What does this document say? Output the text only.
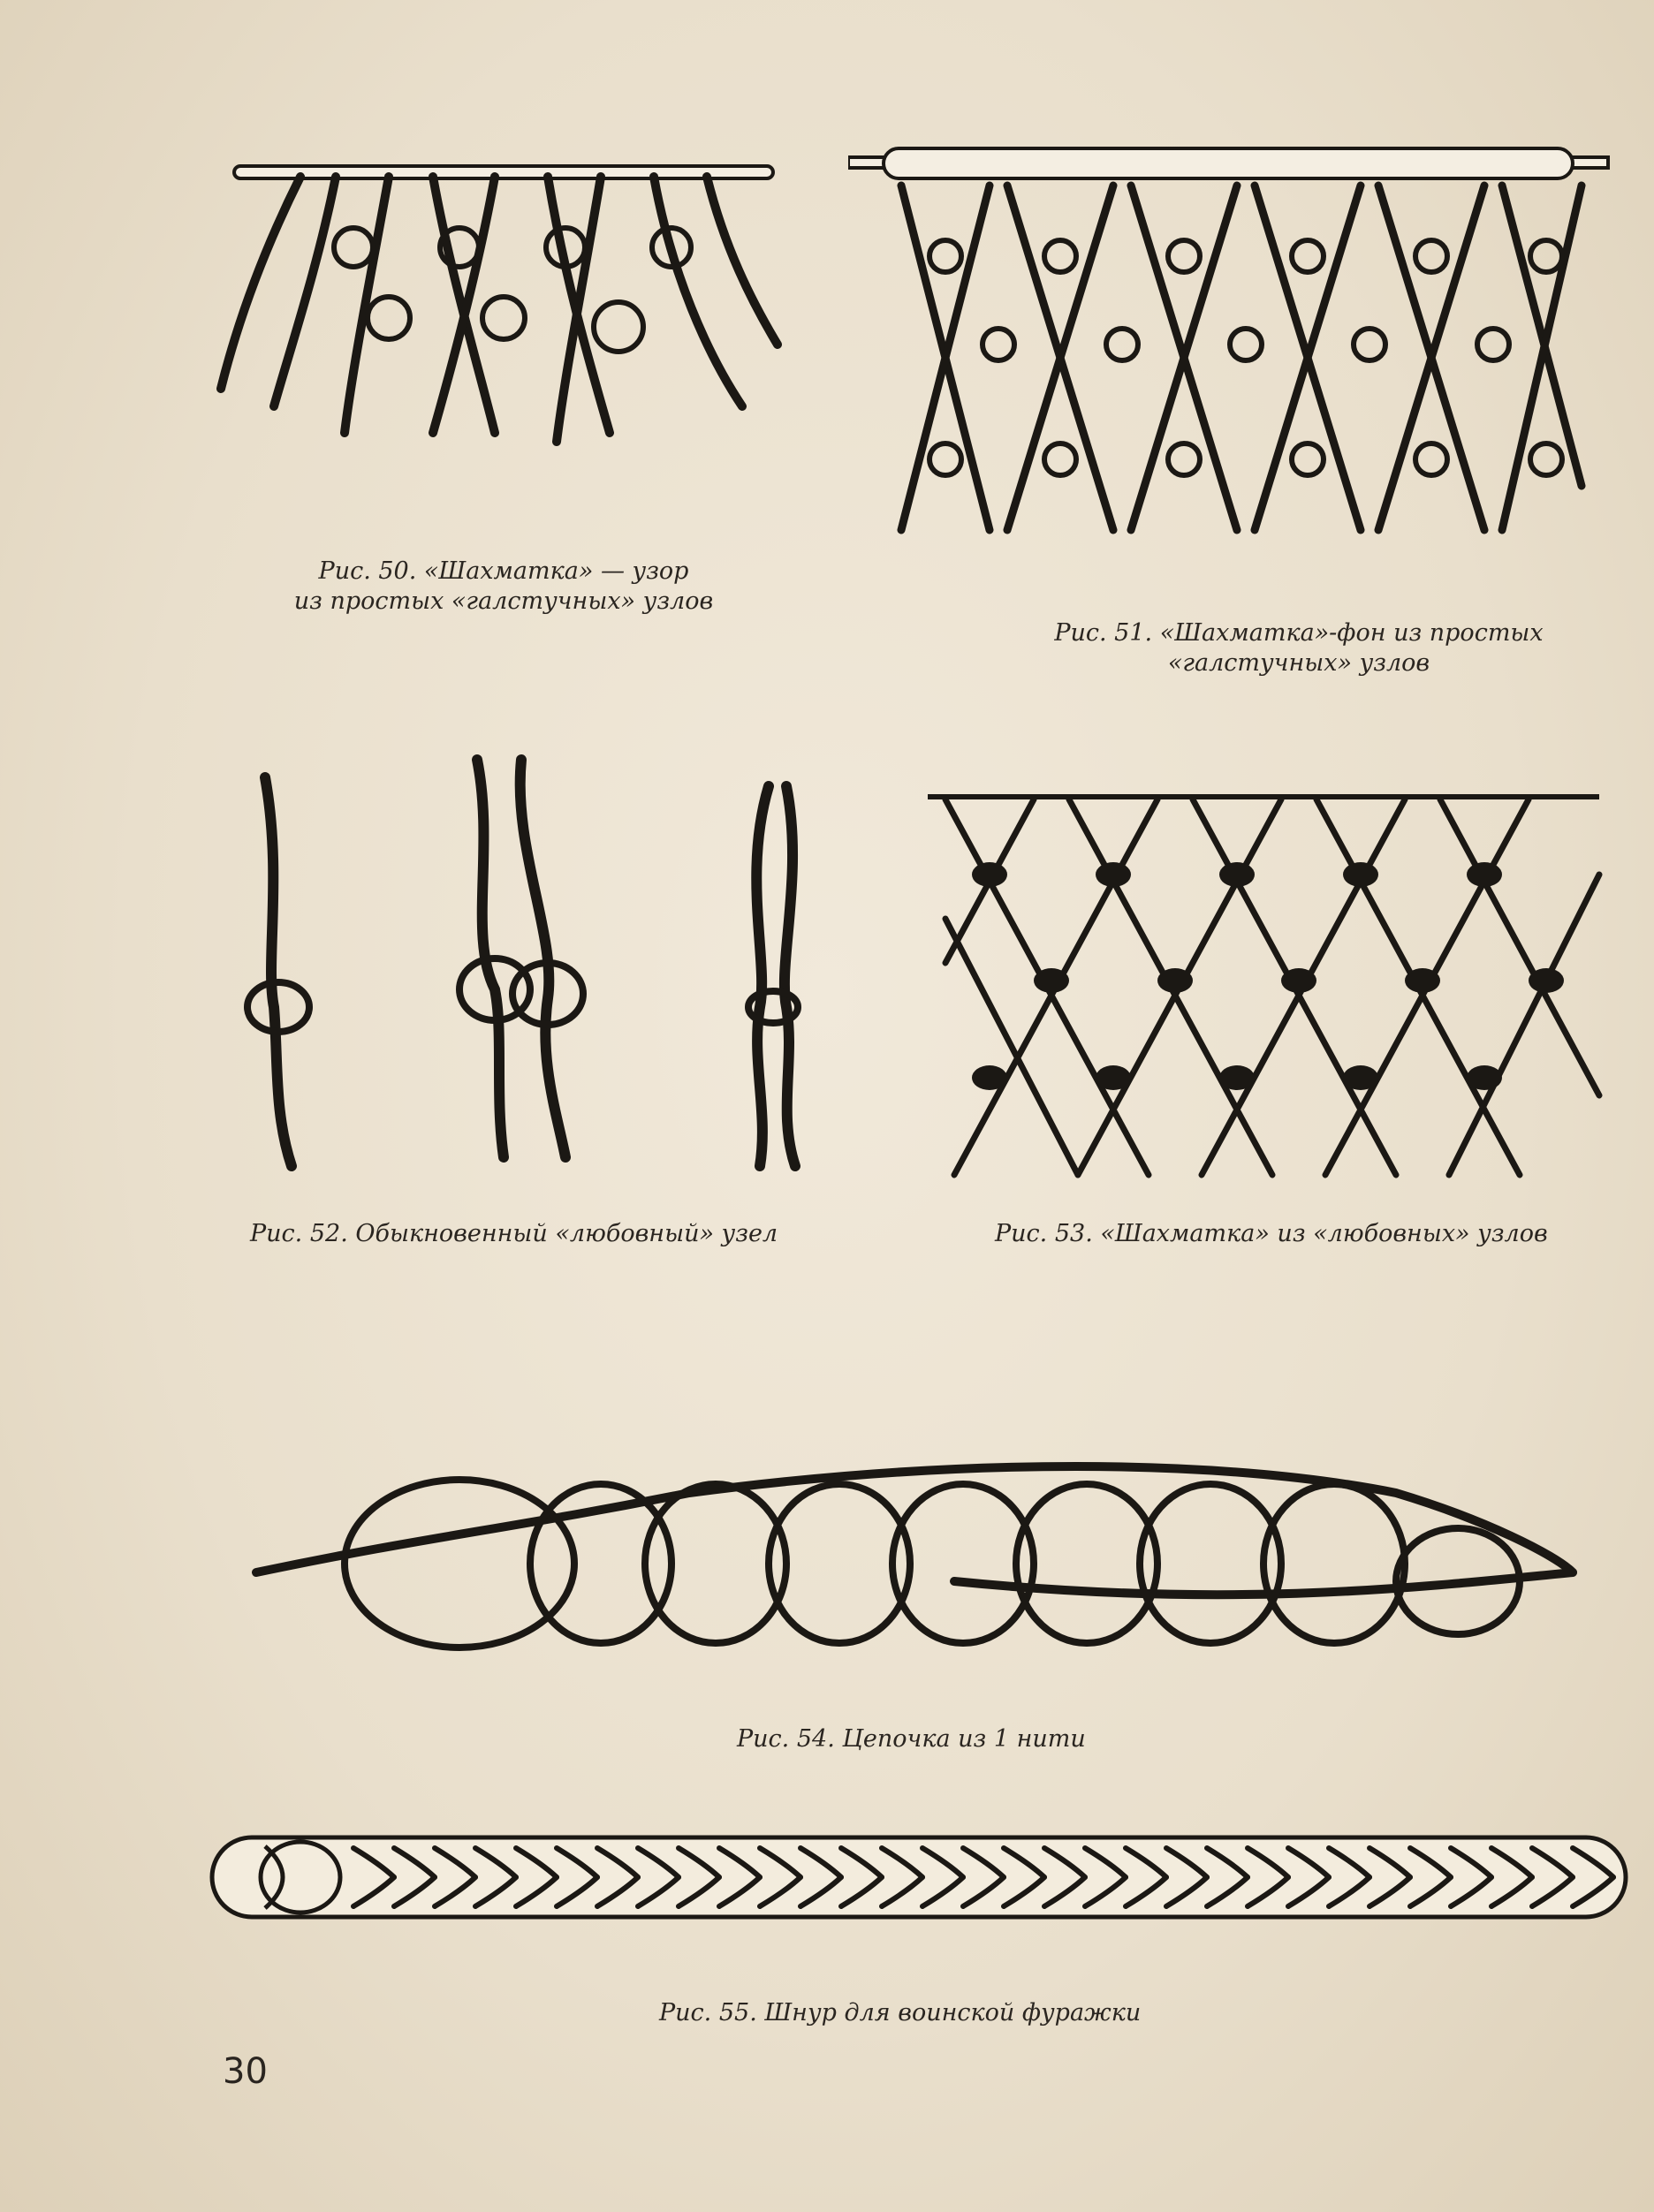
Рис. 50. «Шахматка» — узор
из простых «галстучных» узлов
Рис. 51. «Шахматка»-фон из простых
«галстучных» узлов
Рис. 52. Обыкновенный «любовный» узел	Рис. 53. «Шахматка» из «любовных» узлов
Рис. 54. Цепочка из 1 нити
Рис. 55. Шнур для воинской фуражки
30
